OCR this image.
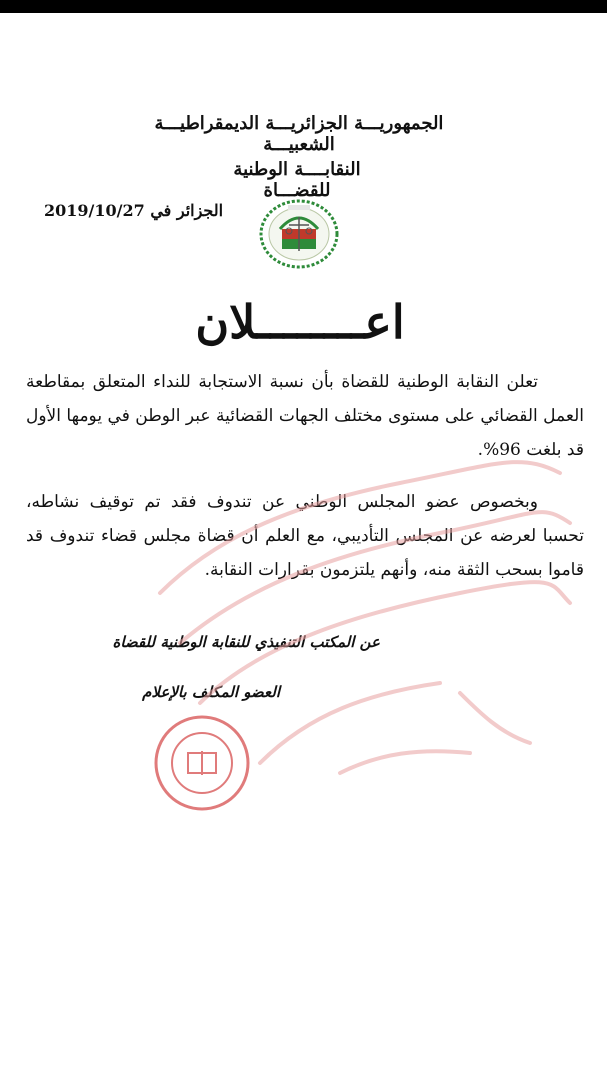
الجمهوريـــة الجزائريـــة الديمقراطيـــة الشعبيـــة
النقابــــة الوطنية للقضـــاة
الجزائر في 2019/10/27
اعــــــــلان

تعلن النقابة الوطنية للقضاة بأن نسبة الاستجابة للنداء المتعلق بمقاطعة العمل القضائي على مستوى مختلف الجهات القضائية عبر الوطن في يومها الأول قد بلغت 96%.

وبخصوص عضو المجلس الوطني عن تندوف فقد تم توقيف نشاطه، تحسبا لعرضه عن المجلس التأديبي، مع العلم أن قضاة مجلس قضاء تندوف قد قاموا بسحب الثقة منه، وأنهم يلتزمون بقرارات النقابة.

عن المكتب التنفيذي للنقابة الوطنية للقضاة
العضو المكلف بالإعلام
